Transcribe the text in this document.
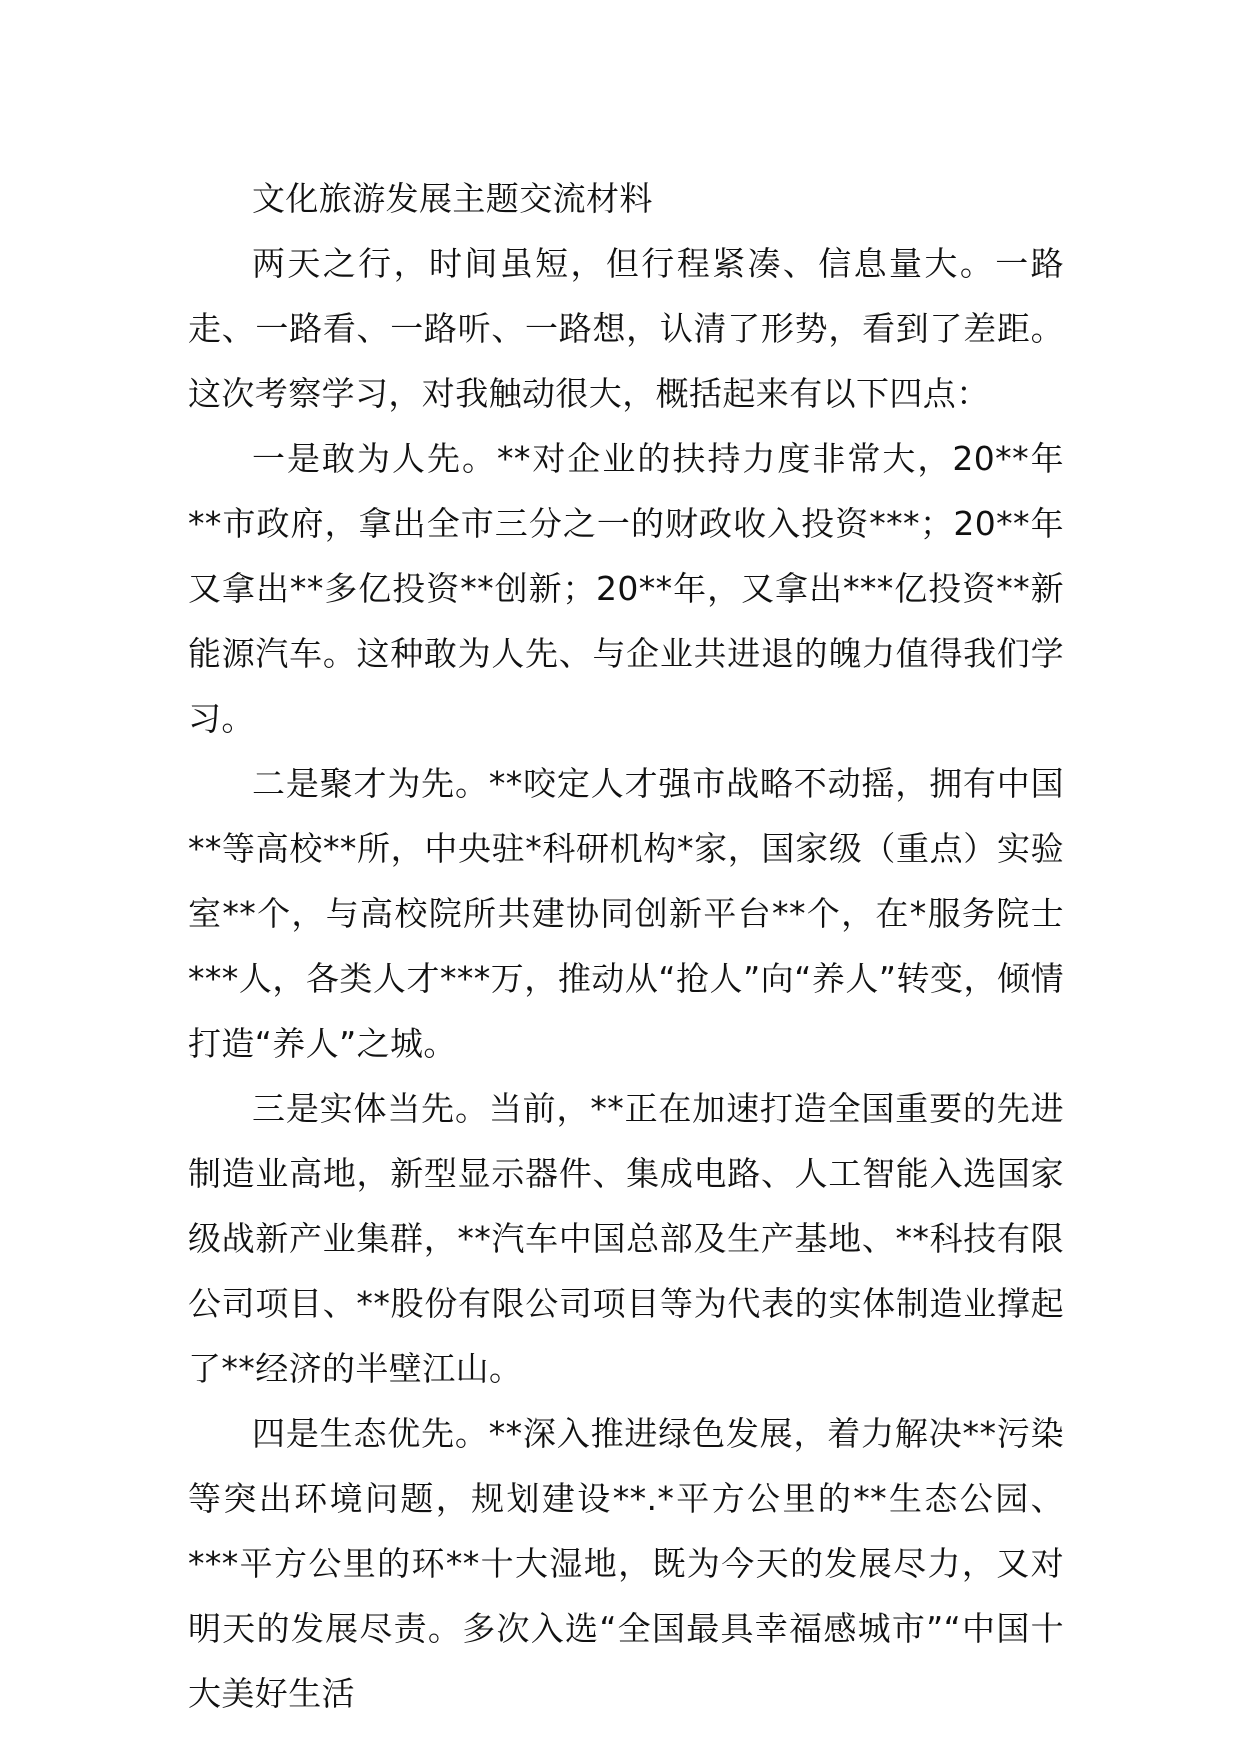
文化旅游发展主题交流材料

两天之行，时间虽短，但行程紧凑、信息量大。一路走、一路看、一路听、一路想，认清了形势，看到了差距。这次考察学习，对我触动很大，概括起来有以下四点：

一是敢为人先。**对企业的扶持力度非常大，20**年**市政府，拿出全市三分之一的财政收入投资***；20**年又拿出**多亿投资**创新；20**年，又拿出***亿投资**新能源汽车。这种敢为人先、与企业共进退的魄力值得我们学习。

二是聚才为先。**咬定人才强市战略不动摇，拥有中国**等高校**所，中央驻*科研机构*家，国家级（重点）实验室**个，与高校院所共建协同创新平台**个，在*服务院士***人，各类人才***万，推动从“抢人”向“养人”转变，倾情打造“养人”之城。

三是实体当先。当前，**正在加速打造全国重要的先进制造业高地，新型显示器件、集成电路、人工智能入选国家级战新产业集群，**汽车中国总部及生产基地、**科技有限公司项目、**股份有限公司项目等为代表的实体制造业撑起了**经济的半壁江山。

四是生态优先。**深入推进绿色发展，着力解决**污染等突出环境问题，规划建设**.*平方公里的**生态公园、***平方公里的环**十大湿地，既为今天的发展尽力，又对明天的发展尽责。多次入选“全国最具幸福感城市”“中国十大美好生活
